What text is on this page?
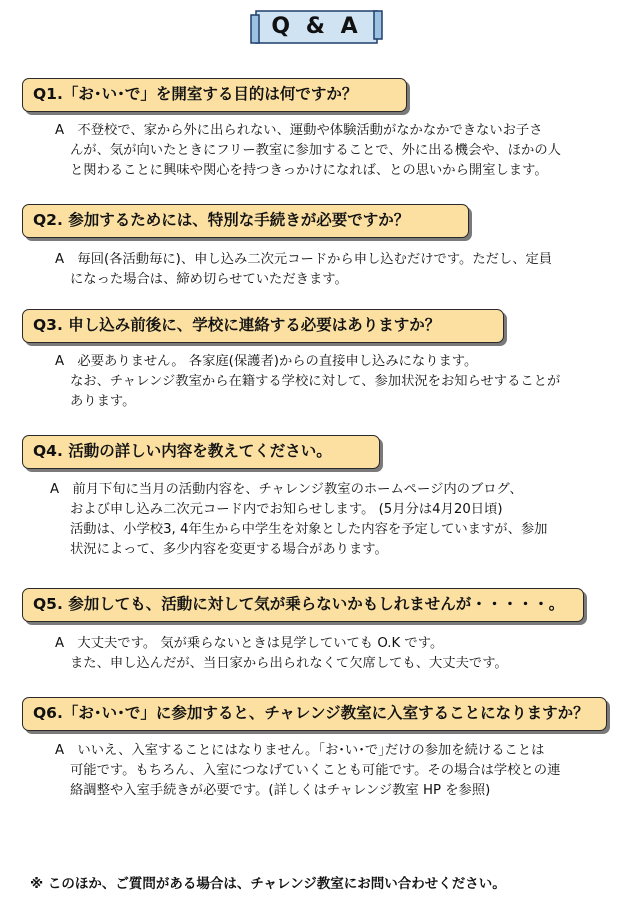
Q & A
Q1.「お･い･で」を開室する目的は何ですか？
A　不登校で、家から外に出られない、運動や体験活動がなかなかできないお子さ
んが、気が向いたときにフリー教室に参加することで、外に出る機会や、ほかの人
と関わることに興味や関心を持つきっかけになれば、との思いから開室します。
Q2. 参加するためには、特別な手続きが必要ですか？
A　毎回(各活動毎に)、申し込み二次元コードから申し込むだけです。ただし、定員
になった場合は、締め切らせていただきます。
Q3. 申し込み前後に、学校に連絡する必要はありますか？
A　必要ありません。 各家庭(保護者)からの直接申し込みになります。
なお、チャレンジ教室から在籍する学校に対して、参加状況をお知らせすることが
あります。
Q4. 活動の詳しい内容を教えてください。
A　前月下旬に当月の活動内容を、チャレンジ教室のホームページ内のブログ、
および申し込み二次元コード内でお知らせします。 (5月分は4月20日頃)
活動は、小学校3, 4年生から中学生を対象とした内容を予定していますが、参加
状況によって、多少内容を変更する場合があります。
Q5. 参加しても、活動に対して気が乗らないかもしれませんが・・・・・。
A　大丈夫です。 気が乗らないときは見学していても O.K です。
また、申し込んだが、当日家から出られなくて欠席しても、大丈夫です。
Q6.「お･い･で」に参加すると、チャレンジ教室に入室することになりますか？
A　いいえ、入室することにはなりません。｢お･い･で｣だけの参加を続けることは
可能です。もちろん、入室につなげていくことも可能です。その場合は学校との連
絡調整や入室手続きが必要です。(詳しくはチャレンジ教室 HP を参照)
※ このほか、ご質問がある場合は、チャレンジ教室にお問い合わせください。
